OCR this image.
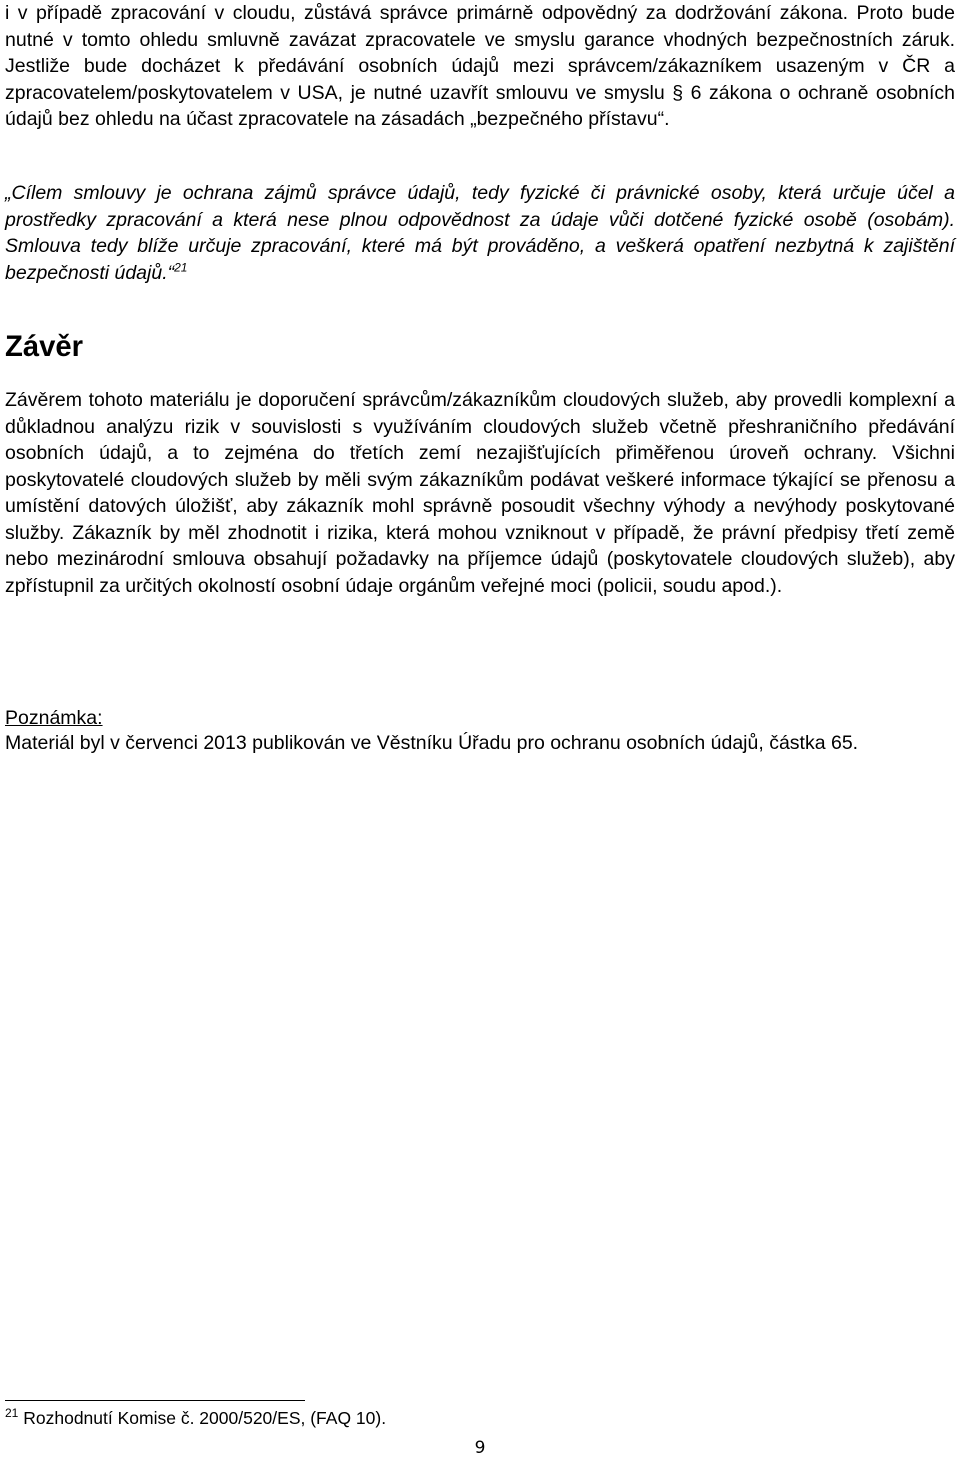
i v případě zpracování v cloudu, zůstává správce primárně odpovědný za dodržování zákona. Proto bude nutné v tomto ohledu smluvně zavázat zpracovatele ve smyslu garance vhodných bezpečnostních záruk. Jestliže bude docházet k předávání osobních údajů mezi správcem/zákazníkem usazeným v ČR a zpracovatelem/poskytovatelem v USA, je nutné uzavřít smlouvu ve smyslu § 6 zákona o ochraně osobních údajů bez ohledu na účast zpracovatele na zásadách „bezpečného přístavu“.

„Cílem smlouvy je ochrana zájmů správce údajů, tedy fyzické či právnické osoby, která určuje účel a prostředky zpracování a která nese plnou odpovědnost za údaje vůči dotčené fyzické osobě (osobám). Smlouva tedy blíže určuje zpracování, které má být prováděno, a veškerá opatření nezbytná k zajištění bezpečnosti údajů.“$^{21}$

Závěr

Závěrem tohoto materiálu je doporučení správcům/zákazníkům cloudových služeb, aby provedli komplexní a důkladnou analýzu rizik v souvislosti s využíváním cloudových služeb včetně přeshraničního předávání osobních údajů, a to zejména do třetích zemí nezajišťujících přiměřenou úroveň ochrany. Všichni poskytovatelé cloudových služeb by měli svým zákazníkům podávat veškeré informace týkající se přenosu a umístění datových úložišť, aby zákazník mohl správně posoudit všechny výhody a nevýhody poskytované služby. Zákazník by měl zhodnotit i rizika, která mohou vzniknout v případě, že právní předpisy třetí země nebo mezinárodní smlouva obsahují požadavky na příjemce údajů (poskytovatele cloudových služeb), aby zpřístupnil za určitých okolností osobní údaje orgánům veřejné moci (policii, soudu apod.).

Poznámka:

Materiál byl v červenci 2013 publikován ve Věstníku Úřadu pro ochranu osobních údajů, částka 65.

$^{21}$ Rozhodnutí Komise č. 2000/520/ES, (FAQ 10).

9
